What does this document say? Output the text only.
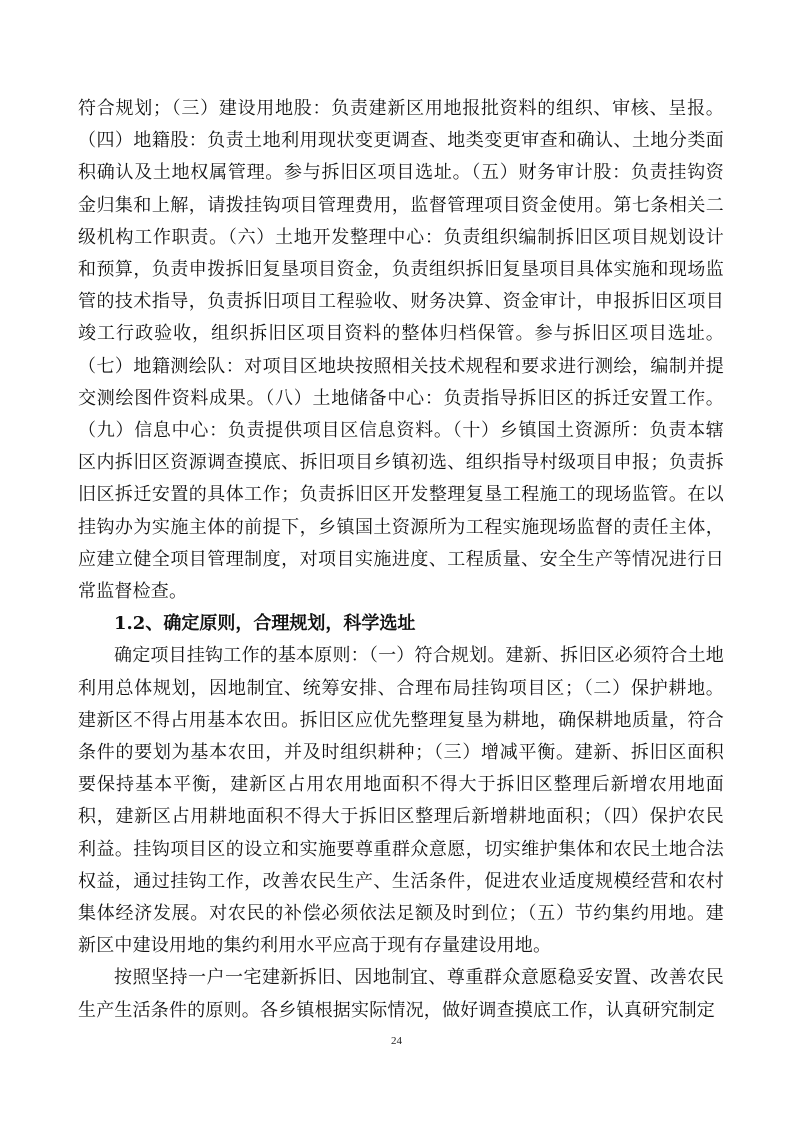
符合规划；（三）建设用地股：负责建新区用地报批资料的组织、审核、呈报。（四）地籍股：负责土地利用现状变更调查、地类变更审查和确认、土地分类面积确认及土地权属管理。参与拆旧区项目选址。（五）财务审计股：负责挂钩资金归集和上解，请拨挂钩项目管理费用，监督管理项目资金使用。第七条相关二级机构工作职责。（六）土地开发整理中心：负责组织编制拆旧区项目规划设计和预算，负责申拨拆旧复垦项目资金，负责组织拆旧复垦项目具体实施和现场监管的技术指导，负责拆旧项目工程验收、财务决算、资金审计，申报拆旧区项目竣工行政验收，组织拆旧区项目资料的整体归档保管。参与拆旧区项目选址。（七）地籍测绘队：对项目区地块按照相关技术规程和要求进行测绘，编制并提交测绘图件资料成果。（八）土地储备中心：负责指导拆旧区的拆迁安置工作。（九）信息中心：负责提供项目区信息资料。（十）乡镇国土资源所：负责本辖区内拆旧区资源调查摸底、拆旧项目乡镇初选、组织指导村级项目申报；负责拆旧区拆迁安置的具体工作；负责拆旧区开发整理复垦工程施工的现场监管。在以挂钩办为实施主体的前提下，乡镇国土资源所为工程实施现场监督的责任主体，应建立健全项目管理制度，对项目实施进度、工程质量、安全生产等情况进行日常监督检查。

1.2、确定原则，合理规划，科学选址

确定项目挂钩工作的基本原则：（一）符合规划。建新、拆旧区必须符合土地利用总体规划，因地制宜、统筹安排、合理布局挂钩项目区；（二）保护耕地。建新区不得占用基本农田。拆旧区应优先整理复垦为耕地，确保耕地质量，符合条件的要划为基本农田，并及时组织耕种；（三）增减平衡。建新、拆旧区面积要保持基本平衡，建新区占用农用地面积不得大于拆旧区整理后新增农用地面积，建新区占用耕地面积不得大于拆旧区整理后新增耕地面积；（四）保护农民利益。挂钩项目区的设立和实施要尊重群众意愿，切实维护集体和农民土地合法权益，通过挂钩工作，改善农民生产、生活条件，促进农业适度规模经营和农村集体经济发展。对农民的补偿必须依法足额及时到位；（五）节约集约用地。建新区中建设用地的集约利用水平应高于现有存量建设用地。

按照坚持一户一宅建新拆旧、因地制宜、尊重群众意愿稳妥安置、改善农民生产生活条件的原则。各乡镇根据实际情况，做好调查摸底工作，认真研究制定

24
